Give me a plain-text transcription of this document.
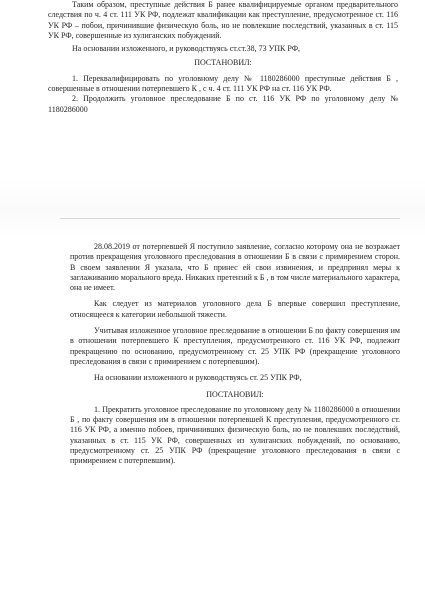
Таким образом, преступные действия Б ранее квалифицируемые органом предварительного следствия по ч. 4 ст. 111 УК РФ, подлежат квалификации как преступление, предусмотренное ст. 116 УК РФ – побои, причинившие физическую боль, но не повлекшие последствий, указанных в ст. 115 УК РФ, совершенные из хулиганских побуждений.

На основании изложенного, и руководствуясь ст.ст.38, 73 УПК РФ,

ПОСТАНОВИЛ:

1. Переквалифицировать по уголовному делу № 1180286000 преступные действия Б , совершенные в отношении потерпевшего К , с ч. 4 ст. 111 УК РФ на ст. 116 УК РФ.

2. Продолжить уголовное преследование Б по ст. 116 УК РФ по уголовному делу № 1180286000

28.08.2019 от потерпевшей Я поступило заявление, согласно которому она не возражает против прекращения уголовного преследования в отношении Б в связи с примирением сторон. В своем заявлении Я указала, что Б принес ей свои извинения, и предпринял меры к заглаживанию морального вреда. Никаких претензий к Б , в том числе материального характера, она не имеет.

Как следует из материалов уголовного дела Б впервые совершил преступление, относящееся к категории небольшой тяжести.

Учитывая изложенное уголовное преследование в отношении Б по факту совершения им в отношении потерпевшего К преступления, предусмотренного ст. 116 УК РФ, подлежит прекращению по основанию, предусмотренному ст. 25 УПК РФ (прекращение уголовного преследования в связи с примирением с потерпевшим).

На основании изложенного и руководствуясь ст. 25 УПК РФ,

ПОСТАНОВИЛ:

1. Прекратить уголовное преследование по уголовному делу № 1180286000 в отношении Б , по факту совершения им в отношении потерпевшей К преступления, предусмотренного ст. 116 УК РФ, а именно побоев, причинивших физическую боль, но не повлекших последствий, указанных в ст. 115 УК РФ, совершенных из хулиганских побуждений, по основанию, предусмотренному ст. 25 УПК РФ (прекращение уголовного преследования в связи с примирением с потерпевшим).
